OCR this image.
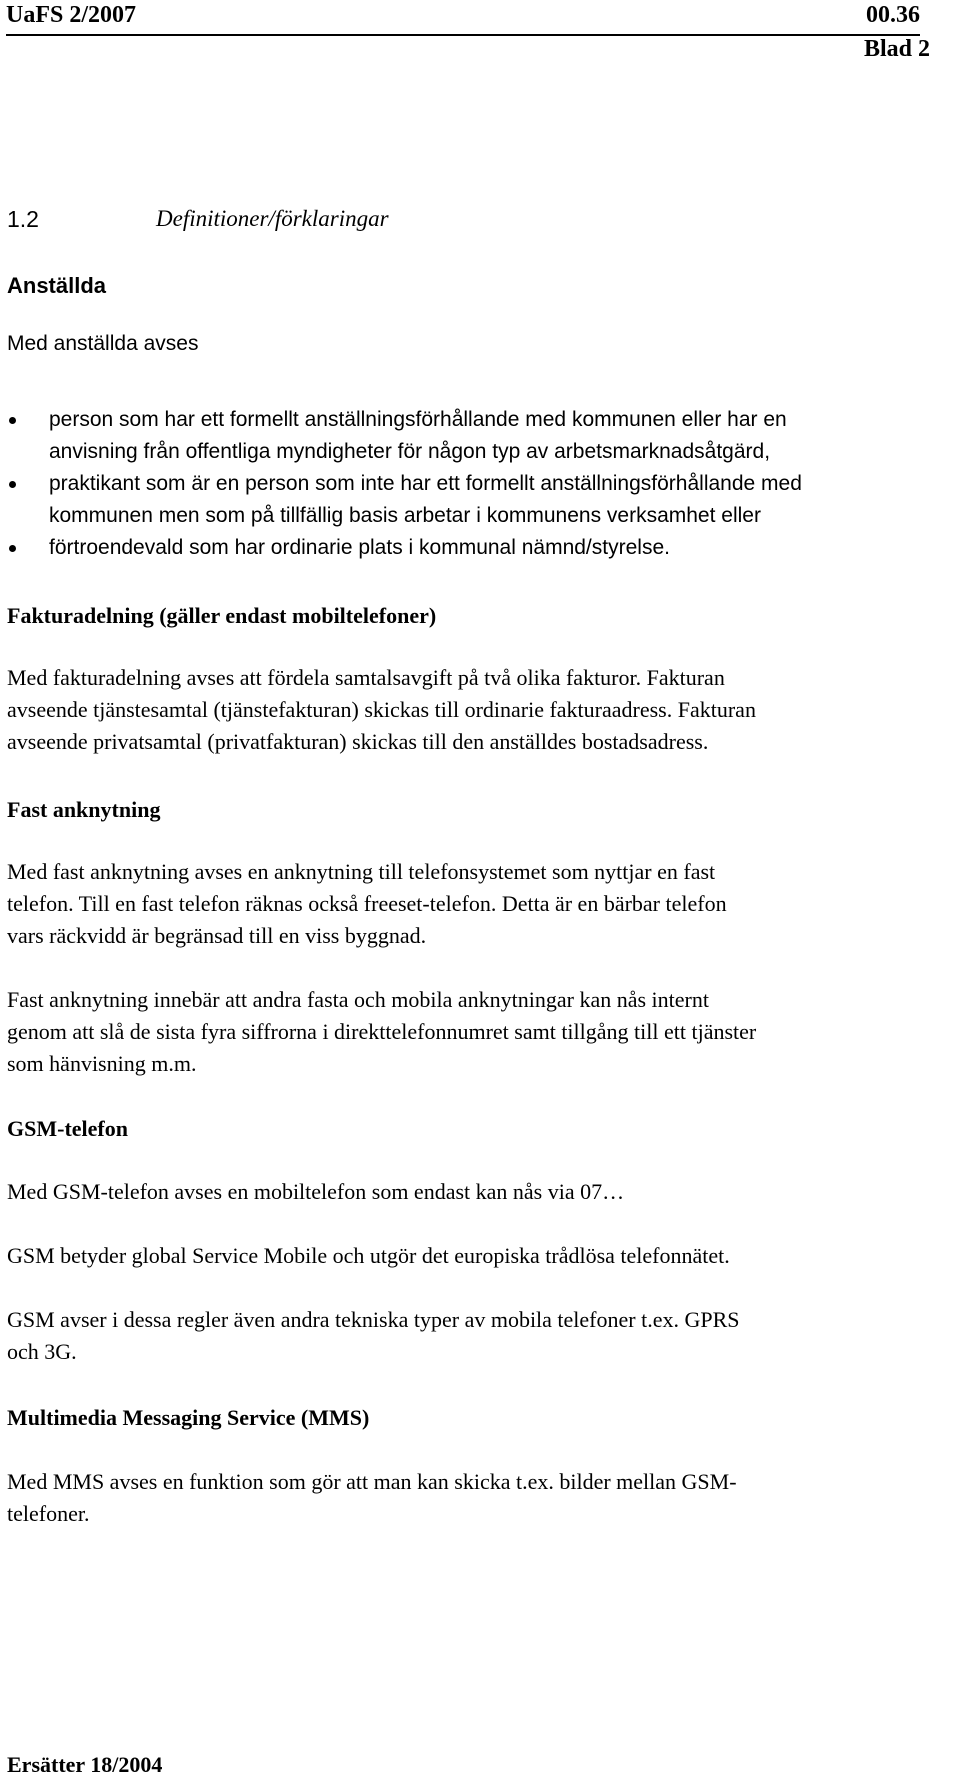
UaFS 2/2007	00.36
Blad 2
1.2	Definitioner/förklaringar
Anställda
Med anställda avses
person som har ett formellt anställningsförhållande med kommunen eller har en
anvisning från offentliga myndigheter för någon typ av arbetsmarknadsåtgärd,
praktikant som är en person som inte har ett formellt anställningsförhållande med
kommunen men som på tillfällig basis arbetar i kommunens verksamhet eller
förtroendevald som har ordinarie plats i kommunal nämnd/styrelse.
Fakturadelning (gäller endast mobiltelefoner)
Med fakturadelning avses att fördela samtalsavgift på två olika fakturor. Fakturan
avseende tjänstesamtal (tjänstefakturan) skickas till ordinarie fakturaadress. Fakturan
avseende privatsamtal (privatfakturan) skickas till den anställdes bostadsadress.
Fast anknytning
Med fast anknytning avses en anknytning till telefonsystemet som nyttjar en fast
telefon. Till en fast telefon räknas också freeset-telefon. Detta är en bärbar telefon
vars räckvidd är begränsad till en viss byggnad.
Fast anknytning innebär att andra fasta och mobila anknytningar kan nås internt
genom att slå de sista fyra siffrorna i direkttelefonnumret samt tillgång till ett tjänster
som hänvisning m.m.
GSM-telefon
Med GSM-telefon avses en mobiltelefon som endast kan nås via 07…
GSM betyder global Service Mobile och utgör det europiska trådlösa telefonnätet.
GSM avser i dessa regler även andra tekniska typer av mobila telefoner t.ex. GPRS
och 3G.
Multimedia Messaging Service (MMS)
Med MMS avses en funktion som gör att man kan skicka t.ex. bilder mellan GSM-
telefoner.
Ersätter 18/2004
